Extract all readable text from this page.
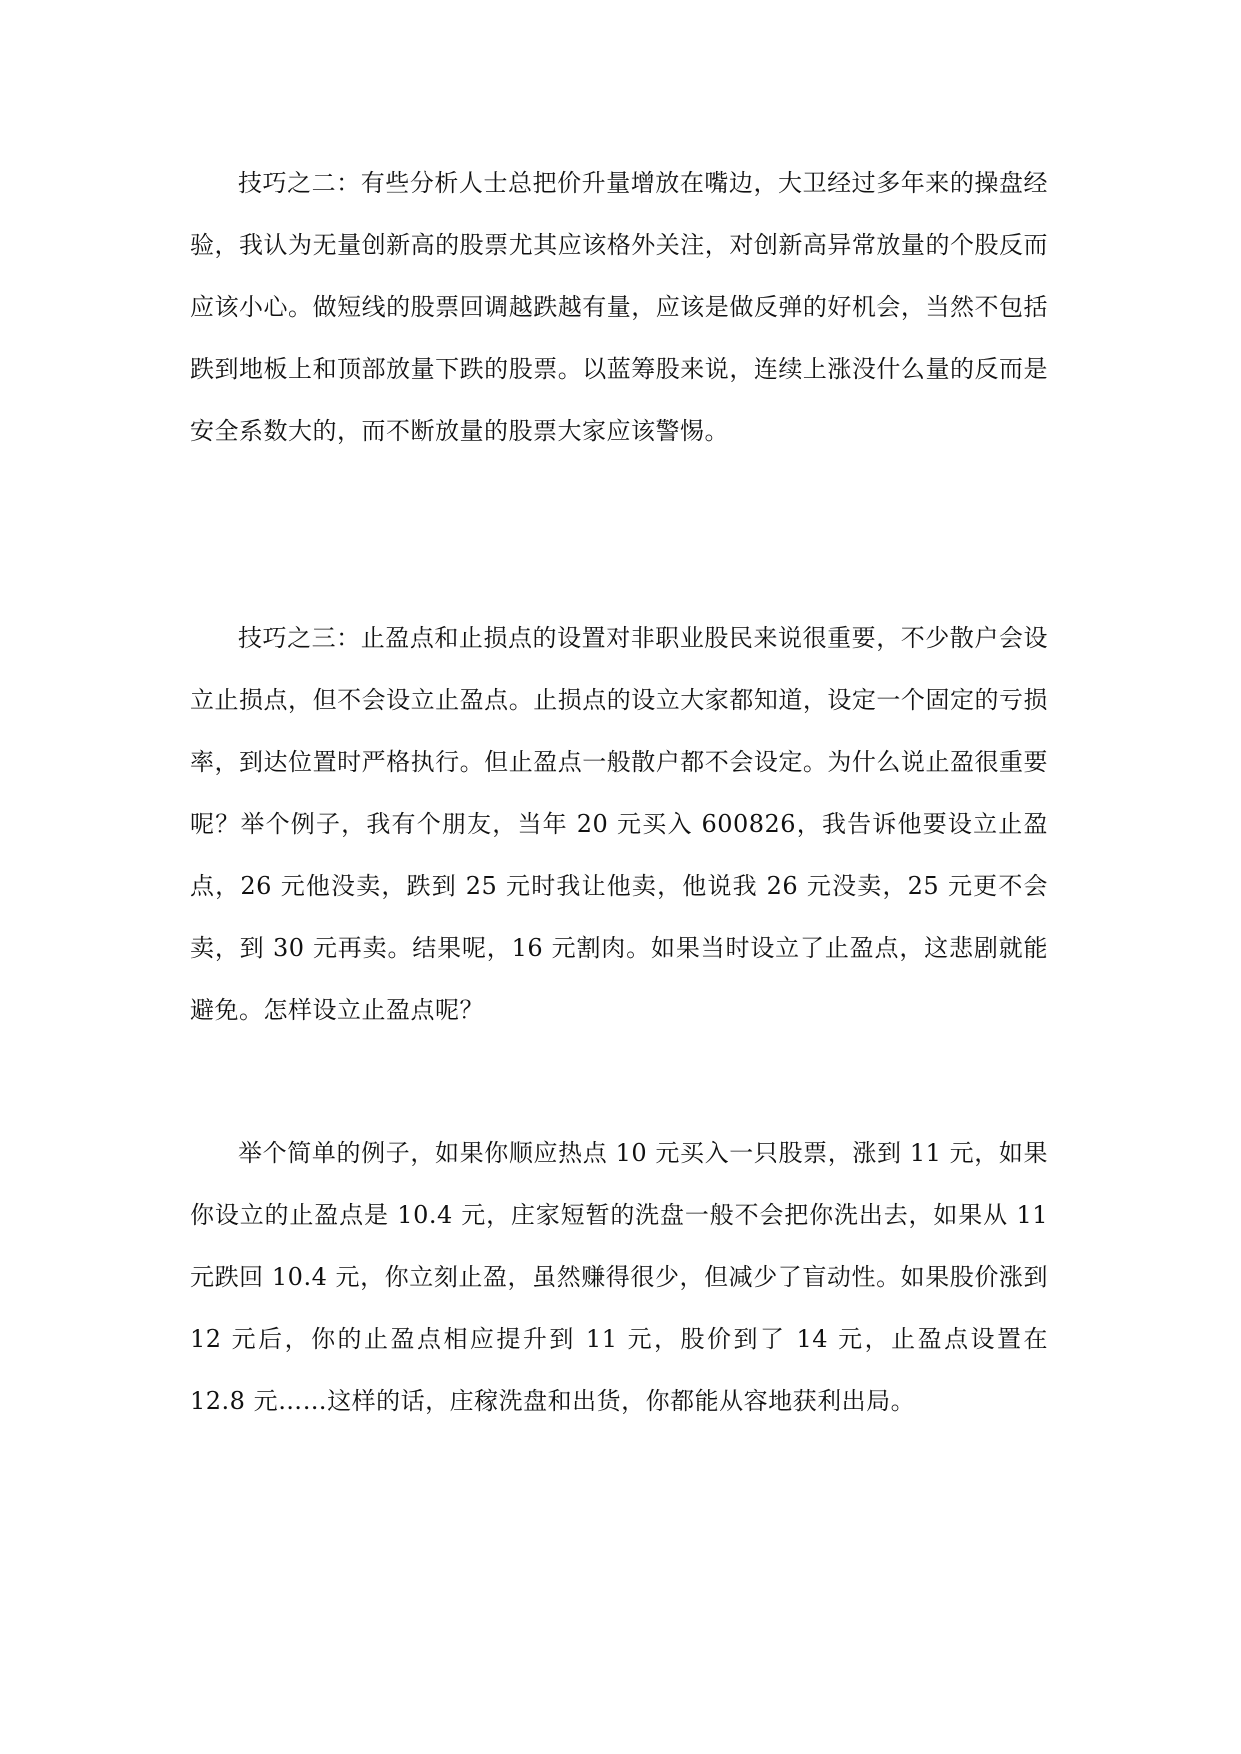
技巧之二：有些分析人士总把价升量增放在嘴边，大卫经过多年来的操盘经验，我认为无量创新高的股票尤其应该格外关注，对创新高异常放量的个股反而应该小心。做短线的股票回调越跌越有量，应该是做反弹的好机会，当然不包括跌到地板上和顶部放量下跌的股票。以蓝筹股来说，连续上涨没什么量的反而是安全系数大的，而不断放量的股票大家应该警惕。

技巧之三：止盈点和止损点的设置对非职业股民来说很重要，不少散户会设立止损点，但不会设立止盈点。止损点的设立大家都知道，设定一个固定的亏损率，到达位置时严格执行。但止盈点一般散户都不会设定。为什么说止盈很重要呢？举个例子，我有个朋友，当年 20 元买入 600826，我告诉他要设立止盈点，26 元他没卖，跌到 25 元时我让他卖，他说我 26 元没卖，25 元更不会卖，到 30 元再卖。结果呢，16 元割肉。如果当时设立了止盈点，这悲剧就能避免。怎样设立止盈点呢？

举个简单的例子，如果你顺应热点 10 元买入一只股票，涨到 11 元，如果你设立的止盈点是 10.4 元，庄家短暂的洗盘一般不会把你洗出去，如果从 11 元跌回 10.4 元，你立刻止盈，虽然赚得很少，但减少了盲动性。如果股价涨到 12 元后，你的止盈点相应提升到 11 元，股价到了 14 元，止盈点设置在 12.8 元……这样的话，庄稼洗盘和出货，你都能从容地获利出局。
